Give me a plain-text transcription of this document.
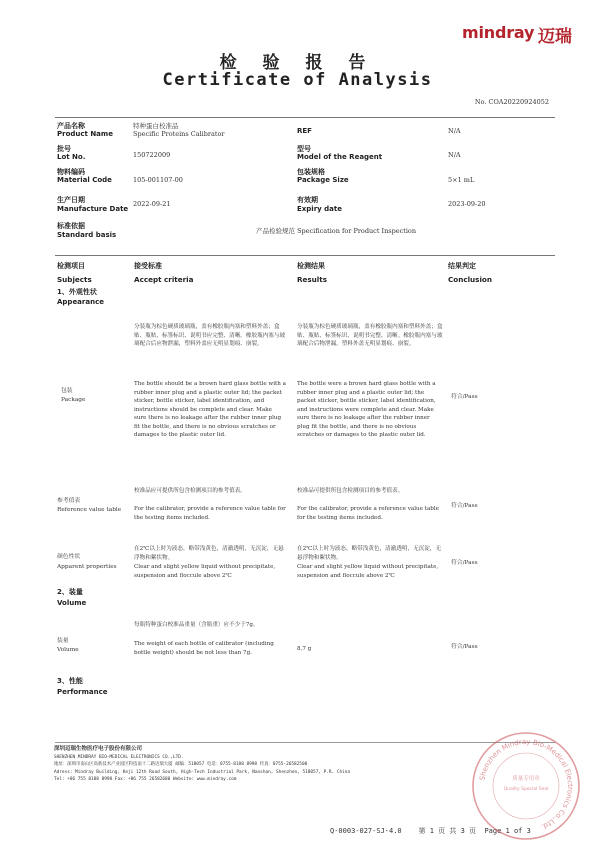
mindray 迈瑞
检 验 报 告
Certificate of Analysis
No. COA20220924052
产品名称
Product Name
批号
Lot No.
物料编码
Material Code
生产日期
Manufacture Date
标准依据
Standard basis
特种蛋白校准品
Specific Proteins Calibrator
150722009
105-001107-00
2022-09-21
REF
型号
Model of the Reagent
包装规格
Package Size
有效期
Expiry date
N/A
N/A
5×1 mL
2023-09-20
产品检验规范 Specification for Product Inspection
检测项目
Subjects
接受标准
Accept criteria
检测结果
Results
结果判定
Conclusion
1、外观性状
Appearance
包装
Package
分装瓶为棕色硬质玻璃瓶，盖有橡胶瓶内塞和塑料外盖；盒贴、瓶贴、标签标识、说明书应完整、清晰。橡胶瓶内塞与玻璃配合后应物泄漏，塑料外盖应无明显划痕、崩裂。
The bottle should be a brown hard glass bottle with a rubber inner plug and a plastic outer lid; the packet sticker, bottle sticker, label identification, and instructions should be complete and clear. Make sure there is no leakage after the rubber inner plug fit the bottle, and there is no obvious scratches or damages to the plastic outer lid.
分装瓶为棕色硬质玻璃瓶，盖有橡胶瓶内塞和塑料外盖；盒贴、瓶贴、标签标识、说明书完整、清晰。橡胶瓶内塞与玻璃配合后物泄漏，塑料外盖无明显划痕、崩裂。
The bottle were a brown hard glass bottle with a rubber inner plug and a plastic outer lid; the packet sticker, bottle sticker, label identification, and instructions were complete and clear. Make sure there is no leakage after the rubber inner plug fit the bottle, and there is no obvious scratches or damages to the plastic outer lid.
符合/Pass
参考值表
Reference value table
校准品应可提供所包含检测项目的参考值表。
For the calibrator, provide a reference value table for the testing items included.
校准品可提供所包含检测项目的参考值表。
For the calibrator, provide a reference value table for the testing items included.
符合/Pass
颜色性状
Apparent properties
在2℃以上时为液态，略带浅黄色，清澈透明，无沉淀，无悬浮物和絮状物。
Clear and slight yellow liquid without precipitate, suspension and floccule above 2℃
在2℃以上时为液态，略带浅黄色，清澈透明，无沉淀，无悬浮物和絮状物。
Clear and slight yellow liquid without precipitate, suspension and floccule above 2℃
符合/Pass
2、装量
Volume
装量
Volume
每瓶特种蛋白校准品重量（含瓶重）应不少于7g。
The weight of each bottle of calibrator (including bottle weight) should be not less than 7g.
8.7 g	符合/Pass
3、性能
Performance
深圳迈瑞生物医疗电子股份有限公司
SHENZHEN MINDRAY BIO-MEDICAL ELECTRONICS CO.,LTD.
地址：深圳市南山区高新技术产业园区科技南十二路迈瑞大厦 邮编：518057 电话：0755-8188 8998 传真：0755-26582500
Adress: Mindray Building, Keji 12th Road South, High-Tech Industrial Park, Nanshan, Shenzhen, 518057, P.R. China
Tel: +86 755 8188 8998 Fax: +86 755 26582680 Website: www.mindray.com
Q-0003-027-SJ-4.0 第 1 页 共 3 页 Page 1 of 3
Shenzhen Mindray Bio-Medical Electronics Co.,Ltd.
质量专用章
Quality Special Seal
